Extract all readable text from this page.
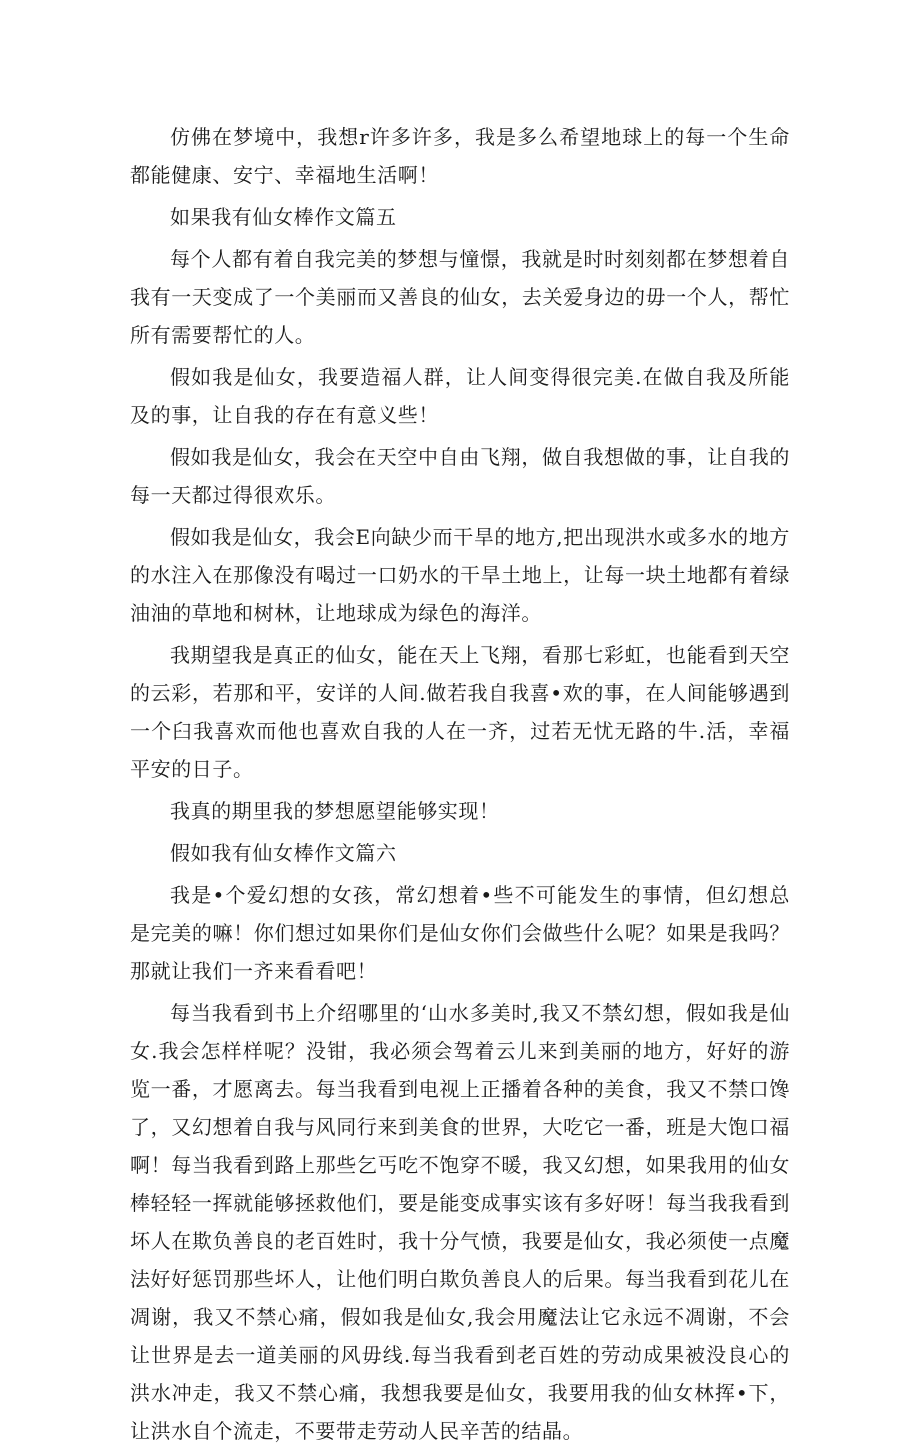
仿佛在梦境中，我想r许多许多，我是多么希望地球上的每一个生命都能健康、安宁、幸福地生活啊！

如果我有仙女棒作文篇五

每个人都有着自我完美的梦想与憧憬，我就是时时刻刻都在梦想着自我有一天变成了一个美丽而又善良的仙女，去关爱身边的毋一个人，帮忙所有需要帮忙的人。

假如我是仙女，我要造福人群，让人间变得很完美.在做自我及所能及的事，让自我的存在有意义些！

假如我是仙女，我会在天空中自由飞翔，做自我想做的事，让自我的每一天都过得很欢乐。

假如我是仙女，我会E向缺少而干旱的地方,把出现洪水或多水的地方的水注入在那像没有喝过一口奶水的干旱土地上，让每一块土地都有着绿油油的草地和树林，让地球成为绿色的海洋。

我期望我是真正的仙女，能在天上飞翔，看那七彩虹，也能看到天空的云彩，若那和平，安详的人间.做若我自我喜•欢的事，在人间能够遇到一个臼我喜欢而他也喜欢自我的人在一齐，过若无忧无路的牛.活，幸福平安的日子。

我真的期里我的梦想愿望能够实现！

假如我有仙女棒作文篇六

我是•个爱幻想的女孩，常幻想着•些不可能发生的事情，但幻想总是完美的嘛！你们想过如果你们是仙女你们会做些什么呢？如果是我吗？那就让我们一齐来看看吧！

每当我看到书上介绍哪里的‘山水多美时,我又不禁幻想，假如我是仙女.我会怎样样呢？没钳，我必须会驾着云儿来到美丽的地方，好好的游览一番，才愿离去。每当我看到电视上正播着各种的美食，我又不禁口馋了，又幻想着自我与风同行来到美食的世界，大吃它一番，班是大饱口福啊！每当我看到路上那些乞丐吃不饱穿不暖，我又幻想，如果我用的仙女棒轻轻一挥就能够拯救他们，要是能变成事实该有多好呀！每当我我看到坏人在欺负善良的老百姓时，我十分气愤，我要是仙女，我必须使一点魔法好好惩罚那些坏人，让他们明白欺负善良人的后果。每当我看到花儿在凋谢，我又不禁心痛，假如我是仙女,我会用魔法让它永远不凋谢，不会让世界是去一道美丽的风毋线.每当我看到老百姓的劳动成果被没良心的洪水冲走，我又不禁心痛，我想我要是仙女，我要用我的仙女林挥•下，让洪水自个流走，不要带走劳动人民辛苦的结晶。
